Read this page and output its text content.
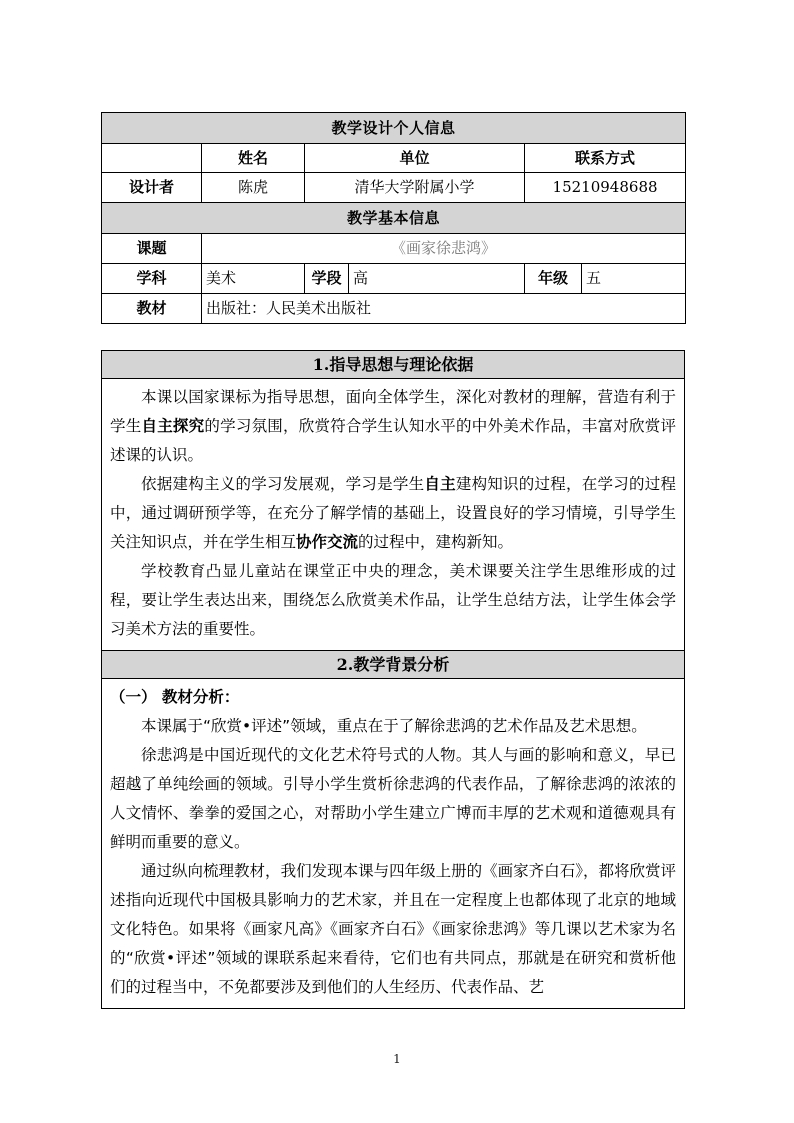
教学设计个人信息					
	姓名	单位		联系方式	
设计者	陈虎	清华大学附属小学		15210948688	
教学基本信息					
课题	《画家徐悲鸿》				
学科	美术	学段	高	年级	五
教材	出版社：人民美术出版社				
1.指导思想与理论依据

本课以国家课标为指导思想，面向全体学生，深化对教材的理解，营造有利于学生自主探究的学习氛围，欣赏符合学生认知水平的中外美术作品，丰富对欣赏评述课的认识。

依据建构主义的学习发展观，学习是学生自主建构知识的过程，在学习的过程中，通过调研预学等，在充分了解学情的基础上，设置良好的学习情境，引导学生关注知识点，并在学生相互协作交流的过程中，建构新知。

学校教育凸显儿童站在课堂正中央的理念，美术课要关注学生思维形成的过程，要让学生表达出来，围绕怎么欣赏美术作品，让学生总结方法，让学生体会学习美术方法的重要性。

2.教学背景分析

（一） 教材分析：

本课属于“欣赏•评述”领域，重点在于了解徐悲鸿的艺术作品及艺术思想。

徐悲鸿是中国近现代的文化艺术符号式的人物。其人与画的影响和意义，早已超越了单纯绘画的领域。引导小学生赏析徐悲鸿的代表作品，了解徐悲鸿的浓浓的人文情怀、拳拳的爱国之心，对帮助小学生建立广博而丰厚的艺术观和道德观具有鲜明而重要的意义。

通过纵向梳理教材，我们发现本课与四年级上册的《画家齐白石》，都将欣赏评述指向近现代中国极具影响力的艺术家，并且在一定程度上也都体现了北京的地域文化特色。如果将《画家凡高》《画家齐白石》《画家徐悲鸿》等几课以艺术家为名的“欣赏•评述”领域的课联系起来看待，它们也有共同点，那就是在研究和赏析他们的过程当中，不免都要涉及到他们的人生经历、代表作品、艺

1
